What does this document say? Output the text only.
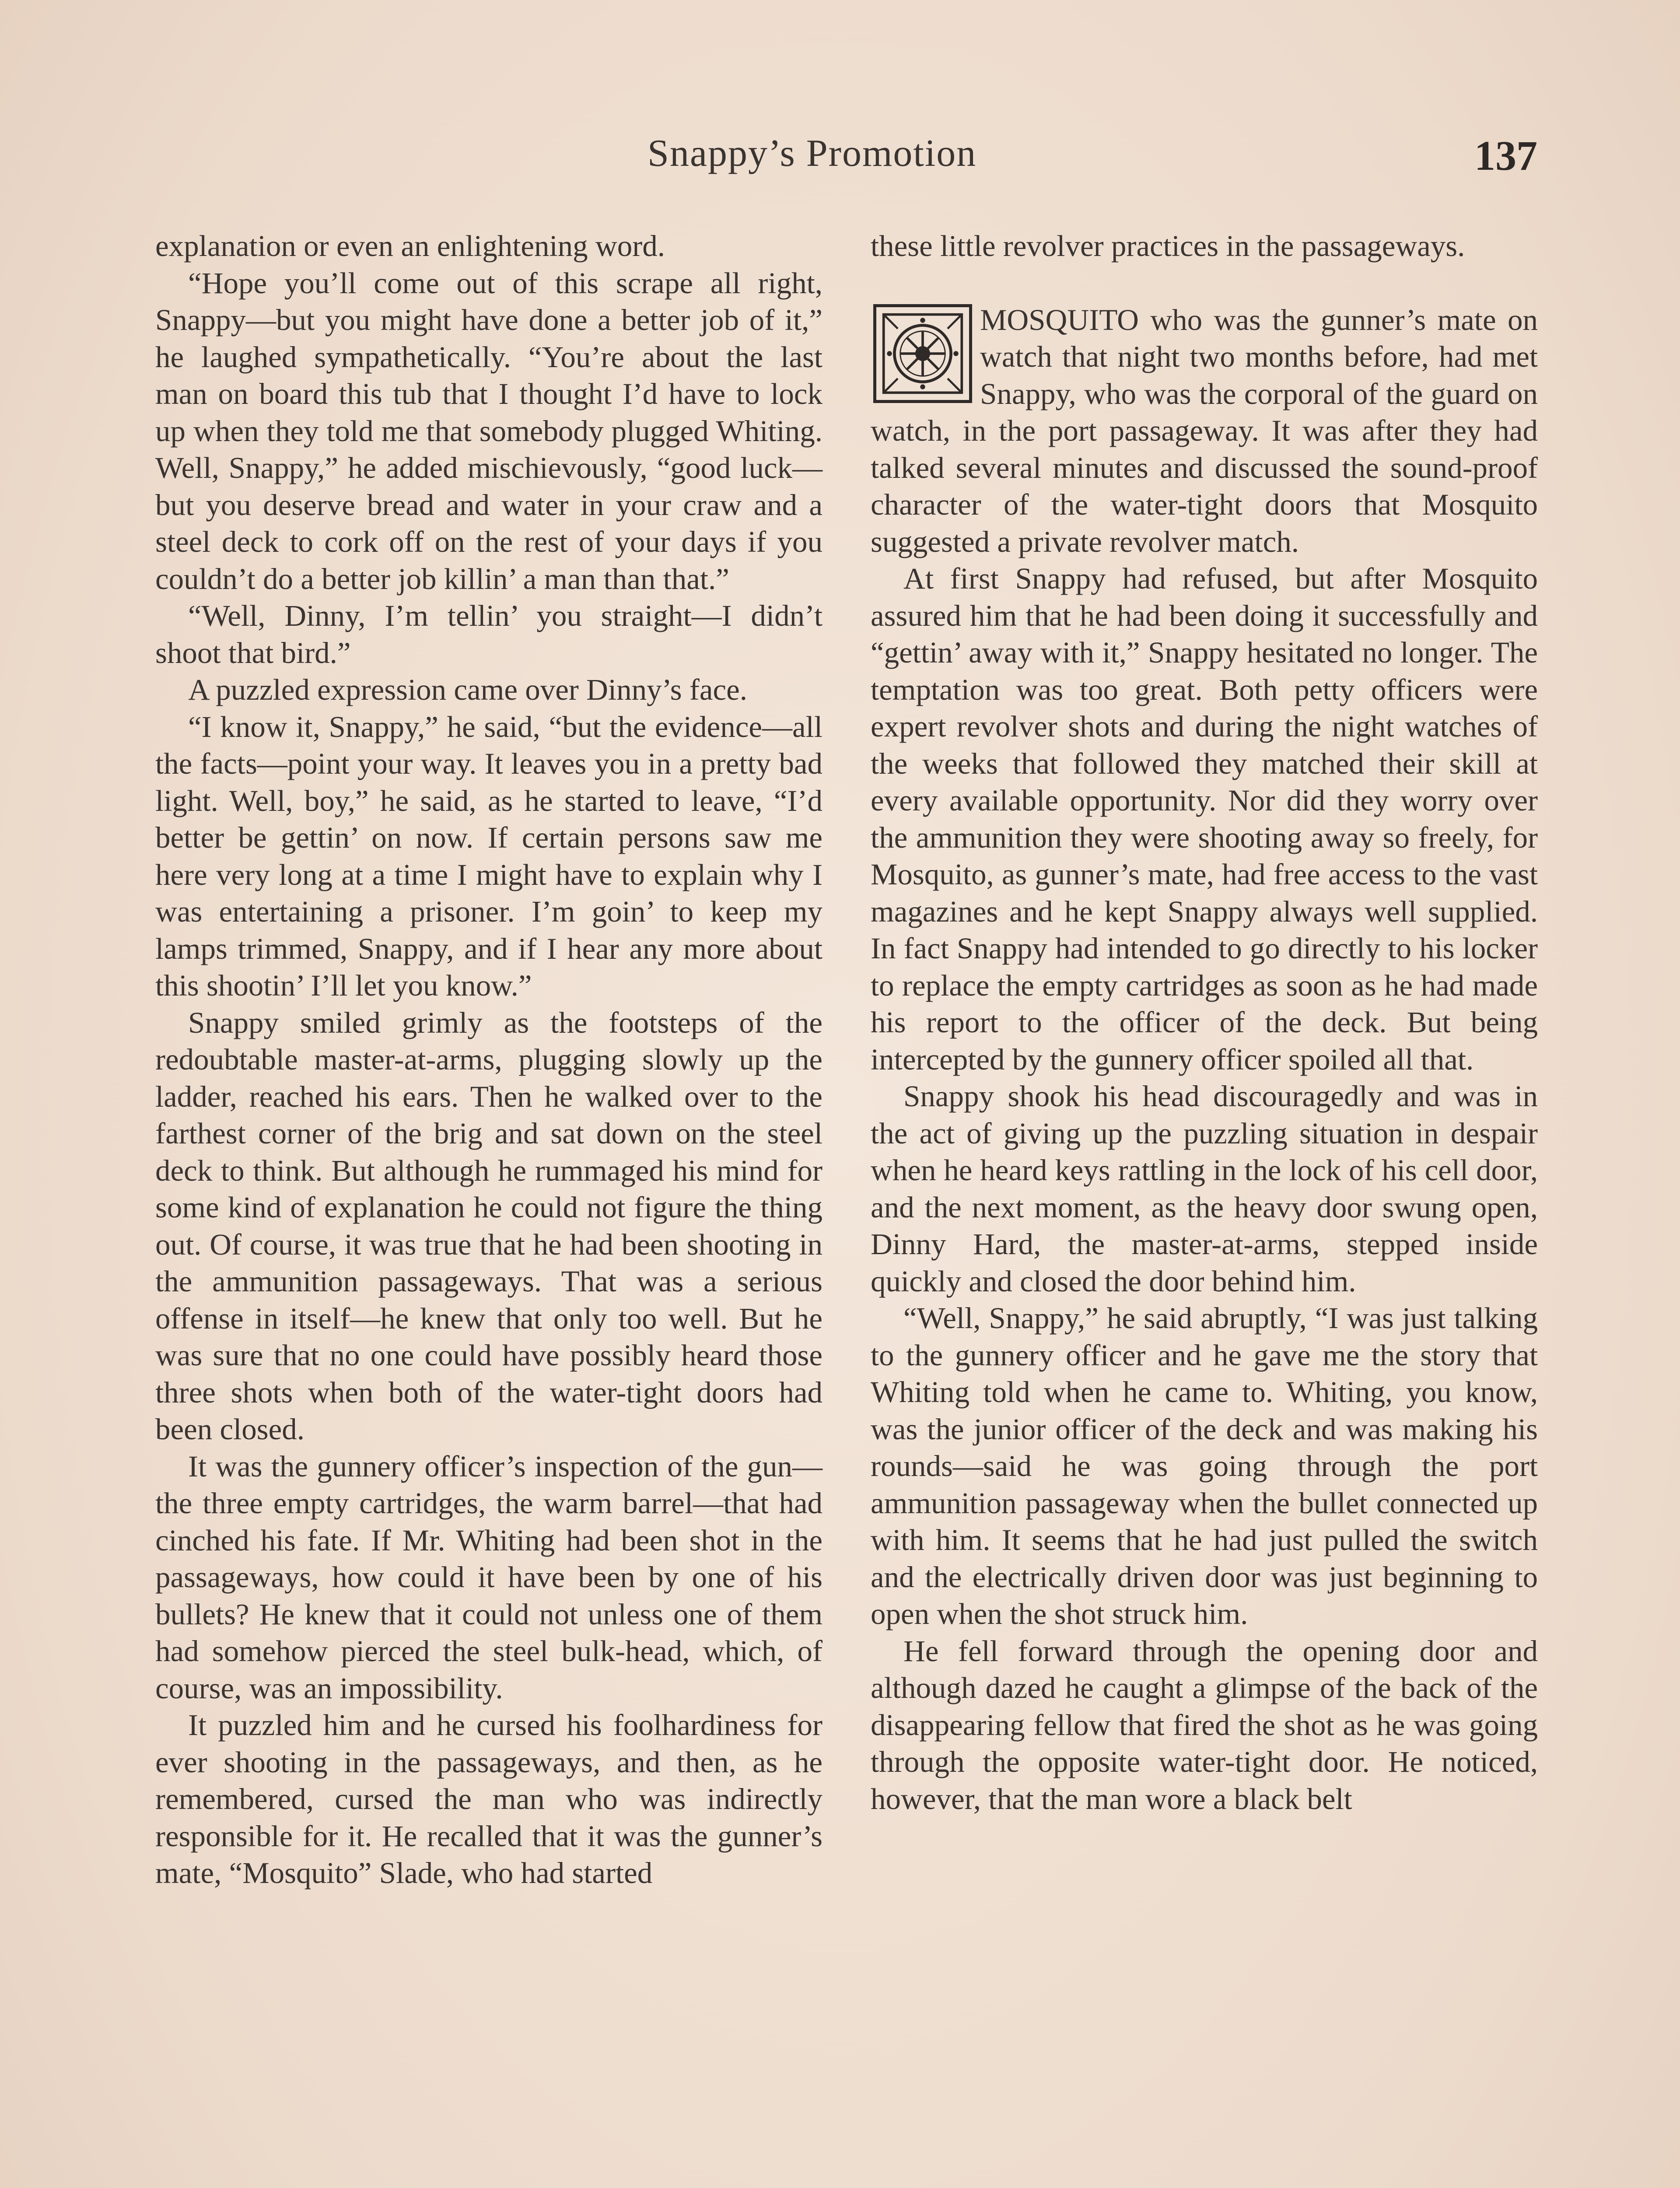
Snappy’s Promotion	137

explanation or even an enlightening word.

“Hope you’ll come out of this scrape all right, Snappy—but you might have done a better job of it,” he laughed sympathetically. “You’re about the last man on board this tub that I thought I’d have to lock up when they told me that somebody plugged Whiting. Well, Snappy,” he added mischievously, “good luck—but you deserve bread and water in your craw and a steel deck to cork off on the rest of your days if you couldn’t do a better job killin’ a man than that.”

“Well, Dinny, I’m tellin’ you straight—I didn’t shoot that bird.”

A puzzled expression came over Dinny’s face.

“I know it, Snappy,” he said, “but the evidence—all the facts—point your way. It leaves you in a pretty bad light. Well, boy,” he said, as he started to leave, “I’d better be gettin’ on now. If certain persons saw me here very long at a time I might have to explain why I was entertaining a prisoner. I’m goin’ to keep my lamps trimmed, Snappy, and if I hear any more about this shootin’ I’ll let you know.”

Snappy smiled grimly as the footsteps of the redoubtable master-at-arms, plugging slowly up the ladder, reached his ears. Then he walked over to the farthest corner of the brig and sat down on the steel deck to think. But although he rummaged his mind for some kind of explanation he could not figure the thing out. Of course, it was true that he had been shooting in the ammunition passageways. That was a serious offense in itself—he knew that only too well. But he was sure that no one could have possibly heard those three shots when both of the water-tight doors had been closed.

It was the gunnery officer’s inspection of the gun—the three empty cartridges, the warm barrel—that had cinched his fate. If Mr. Whiting had been shot in the passageways, how could it have been by one of his bullets? He knew that it could not unless one of them had somehow pierced the steel bulk-head, which, of course, was an impossibility.

It puzzled him and he cursed his foolhardiness for ever shooting in the passageways, and then, as he remembered, cursed the man who was indirectly responsible for it. He recalled that it was the gunner’s mate, “Mosquito” Slade, who had started

these little revolver practices in the passageways.

MOSQUITO who was the gunner’s mate on watch that night two months before, had met Snappy, who was the corporal of the guard on watch, in the port passageway. It was after they had talked several minutes and discussed the sound-proof character of the water-tight doors that Mosquito suggested a private revolver match.

At first Snappy had refused, but after Mosquito assured him that he had been doing it successfully and “gettin’ away with it,” Snappy hesitated no longer. The temptation was too great. Both petty officers were expert revolver shots and during the night watches of the weeks that followed they matched their skill at every available opportunity. Nor did they worry over the ammunition they were shooting away so freely, for Mosquito, as gunner’s mate, had free access to the vast magazines and he kept Snappy always well supplied. In fact Snappy had intended to go directly to his locker to replace the empty cartridges as soon as he had made his report to the officer of the deck. But being intercepted by the gunnery officer spoiled all that.

Snappy shook his head discouragedly and was in the act of giving up the puzzling situation in despair when he heard keys rattling in the lock of his cell door, and the next moment, as the heavy door swung open, Dinny Hard, the master-at-arms, stepped inside quickly and closed the door behind him.

“Well, Snappy,” he said abruptly, “I was just talking to the gunnery officer and he gave me the story that Whiting told when he came to. Whiting, you know, was the junior officer of the deck and was making his rounds—said he was going through the port ammunition passageway when the bullet connected up with him. It seems that he had just pulled the switch and the electrically driven door was just beginning to open when the shot struck him.

He fell forward through the opening door and although dazed he caught a glimpse of the back of the disappearing fellow that fired the shot as he was going through the opposite water-tight door. He noticed, however, that the man wore a black belt
